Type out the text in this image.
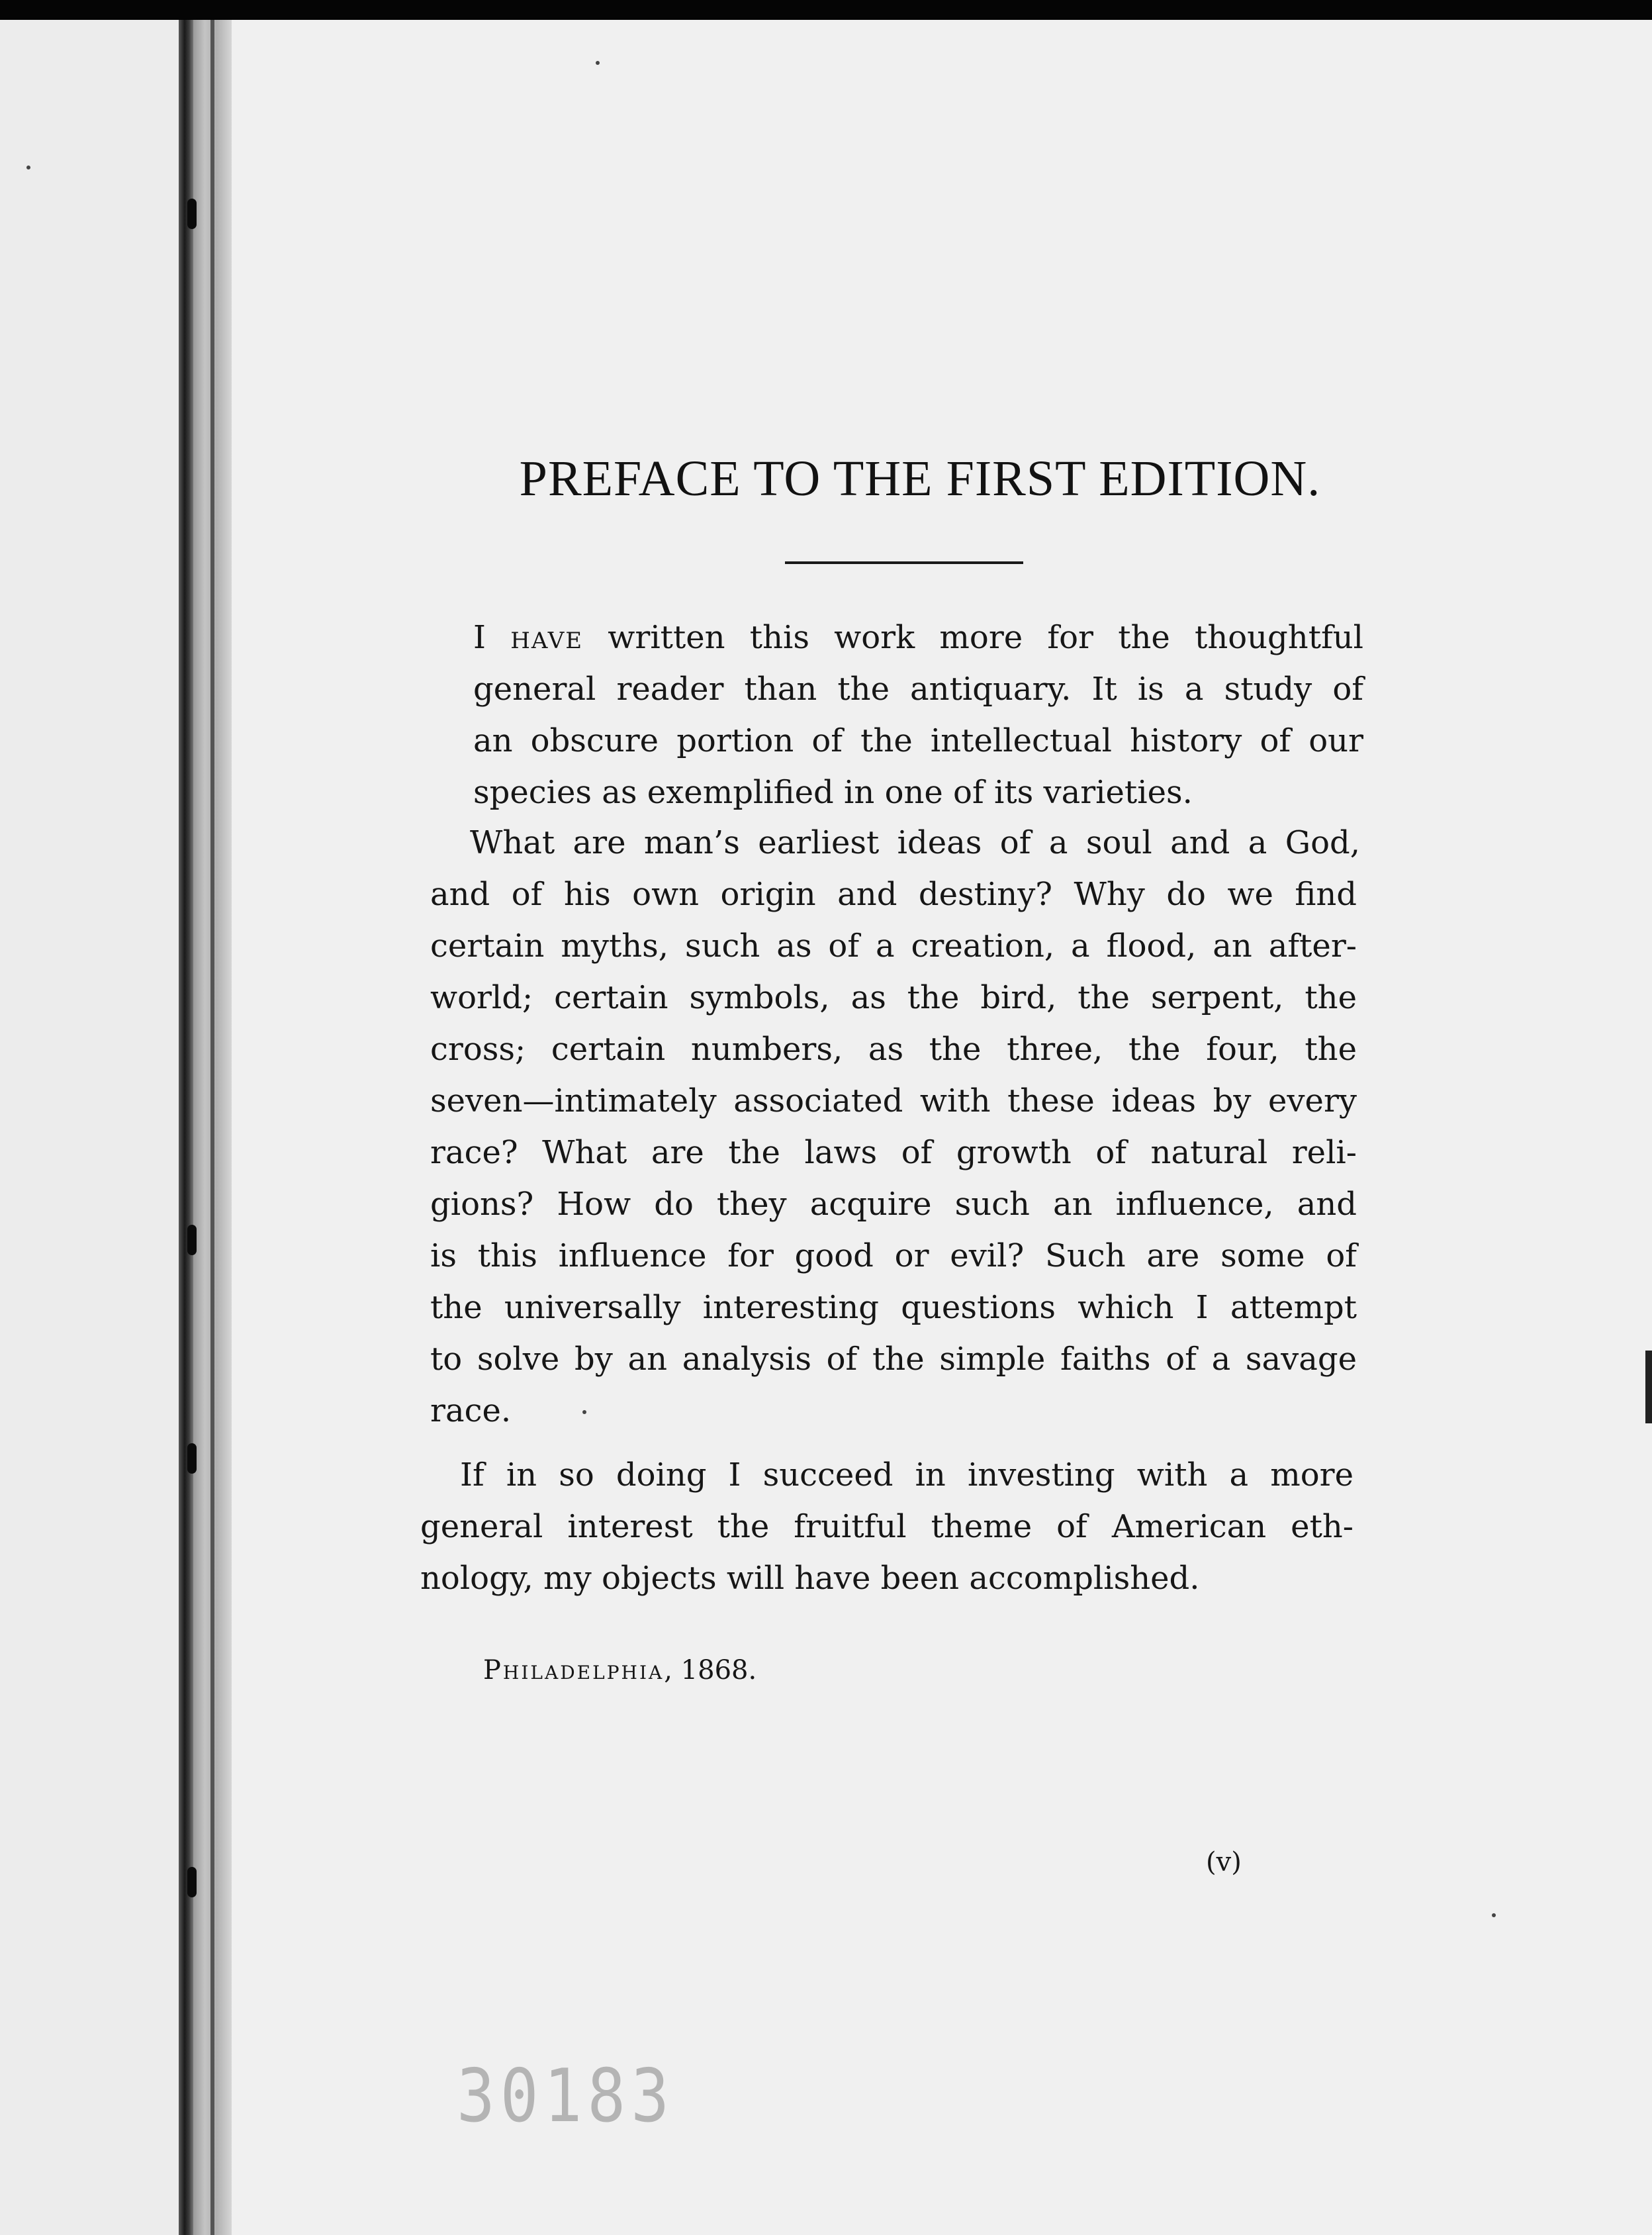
PREFACE TO THE FIRST EDITION.
I have written this work more for the thoughtful
general reader than the antiquary. It is a study of
an obscure portion of the intellectual history of our
species as exemplified in one of its varieties.
What are man’s earliest ideas of a soul and a God,
and of his own origin and destiny? Why do we find
certain myths, such as of a creation, a flood, an after-
world; certain symbols, as the bird, the serpent, the
cross; certain numbers, as the three, the four, the
seven—intimately associated with these ideas by every
race? What are the laws of growth of natural reli-
gions? How do they acquire such an influence, and
is this influence for good or evil? Such are some of
the universally interesting questions which I attempt
to solve by an analysis of the simple faiths of a savage
race.
If in so doing I succeed in investing with a more
general interest the fruitful theme of American eth-
nology, my objects will have been accomplished.
Philadelphia, 1868.
(v)
30183
